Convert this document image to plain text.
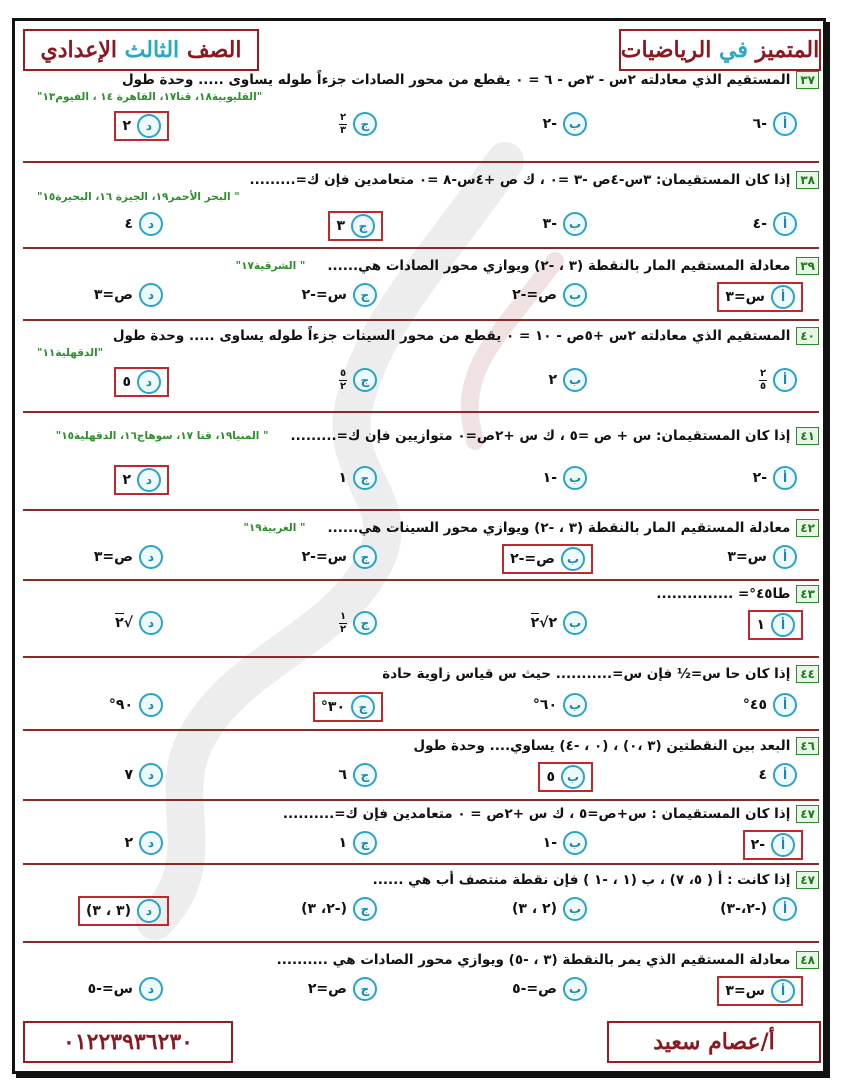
الصف

الثالث

الإعدادي	المتميز

في

الرياضيات
٣٧
المستقيم الذي معادلته ٢س - ٣ص - ٦ = ٠ يقطع من محور الصادات جزءاً طوله يساوى ..... وحدة طول
"القليوبية١٨، قنا١٧، القاهرة ١٤ ، الفيوم١٣"
أ
-٦
ب
-٢
ج
$\frac{٢}{٣}$
د
٢
٣٨
إذا كان المستقيمان: ٣س-٤ص -٣ =٠ ، ك ص +٤س-٨ =٠ متعامدين فإن ك=.........
" البحر الأحمر١٩، الجيزة ١٦، البحيرة١٥"
أ
-٤
ب
-٣
ج
٣
د
٤
٣٩
معادلة المستقيم المار بالنقطة (٣ ، -٢) ويوازي محور الصادات هي......
" الشرقية١٧"
أ
س=٣
ب
ص=-٢
ج
س=-٢
د
ص=٣
٤٠
المستقيم الذي معادلته ٢س +٥ص - ١٠ = ٠ يقطع من محور السينات جزءاً طوله يساوى ..... وحدة طول
"الدقهلية١١"
أ
$\frac{٢}{٥}$
ب
٢
ج
$\frac{٥}{٢}$
د
٥
٤١
إذا كان المستقيمان: س + ص =٥ ، ك س +٢ص=٠ متوازيين فإن ك=.........
" المنيا١٩، قنا ١٧، سوهاج١٦، الدقهلية١٥"
أ
-٢
ب
-١
ج
١
د
٢
٤٢
معادلة المستقيم المار بالنقطة (٣ ، -٢) ويوازي محور السينات هي......
" الغربية١٩"
أ
س=٣
ب
ص=-٢
ج
س=-٢
د
ص=٣
٤٣
طا٤٥°= ...............
أ
١
ب
٢√٢
ج
$\frac{١}{٢}$
د
√٢
٤٤
إذا كان حا س=½ فإن س=........... حيث س قياس زاوية حادة
أ
٤٥°
ب
٦٠°
ج
٣٠°
د
٩٠°
٤٦
البعد بين النقطتين (٣ ،٠) ، (٠ ، -٤) يساوي.... وحدة طول
أ
٤
ب
٥
ج
٦
د
٧
٤٧
إذا كان المستقيمان : س+ص=٥ ، ك س +٢ص = ٠ متعامدين فإن ك=..........
أ
-٢
ب
-١
ج
١
د
٢
٤٧
إذا كانت : أ ( ٥، ٧) ، ب (١ ، -١ ) فإن نقطة منتصف أب هي ......
أ
(-٢،-٣)
ب
(٢ ، ٣)
ج
(-٢، ٣)
د
(٣ ، ٣)
٤٨
معادلة المستقيم الذي يمر بالنقطة (٣ ، -٥) ويوازي محور الصادات هي ..........
أ
س=٣
ب
ص=-٥
ج
ص=٢
د
س=-٥
٠١٢٢٣٩٣٦٢٣٠	أ/عصام سعيد
